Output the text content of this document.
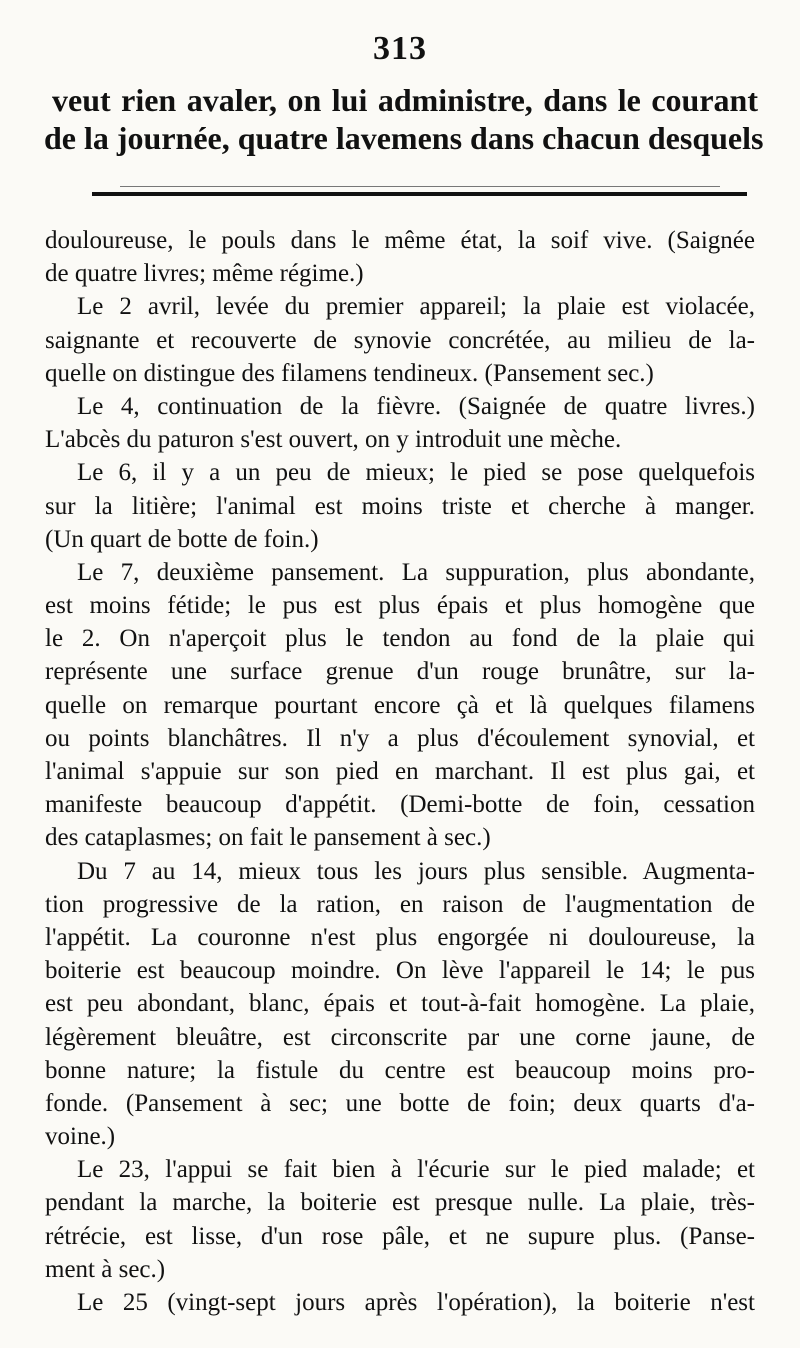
313
veut rien avaler, on lui administre, dans le courant
de la journée, quatre lavemens dans chacun desquels
douloureuse, le pouls dans le même état, la soif vive. (Saignée
de quatre livres; même régime.)
Le 2 avril, levée du premier appareil; la plaie est violacée,
saignante et recouverte de synovie concrétée, au milieu de la-
quelle on distingue des filamens tendineux. (Pansement sec.)
Le 4, continuation de la fièvre. (Saignée de quatre livres.)
L'abcès du paturon s'est ouvert, on y introduit une mèche.
Le 6, il y a un peu de mieux; le pied se pose quelquefois
sur la litière; l'animal est moins triste et cherche à manger.
(Un quart de botte de foin.)
Le 7, deuxième pansement. La suppuration, plus abondante,
est moins fétide; le pus est plus épais et plus homogène que
le 2. On n'aperçoit plus le tendon au fond de la plaie qui
représente une surface grenue d'un rouge brunâtre, sur la-
quelle on remarque pourtant encore çà et là quelques filamens
ou points blanchâtres. Il n'y a plus d'écoulement synovial, et
l'animal s'appuie sur son pied en marchant. Il est plus gai, et
manifeste beaucoup d'appétit. (Demi-botte de foin, cessation
des cataplasmes; on fait le pansement à sec.)
Du 7 au 14, mieux tous les jours plus sensible. Augmenta-
tion progressive de la ration, en raison de l'augmentation de
l'appétit. La couronne n'est plus engorgée ni douloureuse, la
boiterie est beaucoup moindre. On lève l'appareil le 14; le pus
est peu abondant, blanc, épais et tout-à-fait homogène. La plaie,
légèrement bleuâtre, est circonscrite par une corne jaune, de
bonne nature; la fistule du centre est beaucoup moins pro-
fonde. (Pansement à sec; une botte de foin; deux quarts d'a-
voine.)
Le 23, l'appui se fait bien à l'écurie sur le pied malade; et
pendant la marche, la boiterie est presque nulle. La plaie, très-
rétrécie, est lisse, d'un rose pâle, et ne supure plus. (Panse-
ment à sec.)
Le 25 (vingt-sept jours après l'opération), la boiterie n'est
